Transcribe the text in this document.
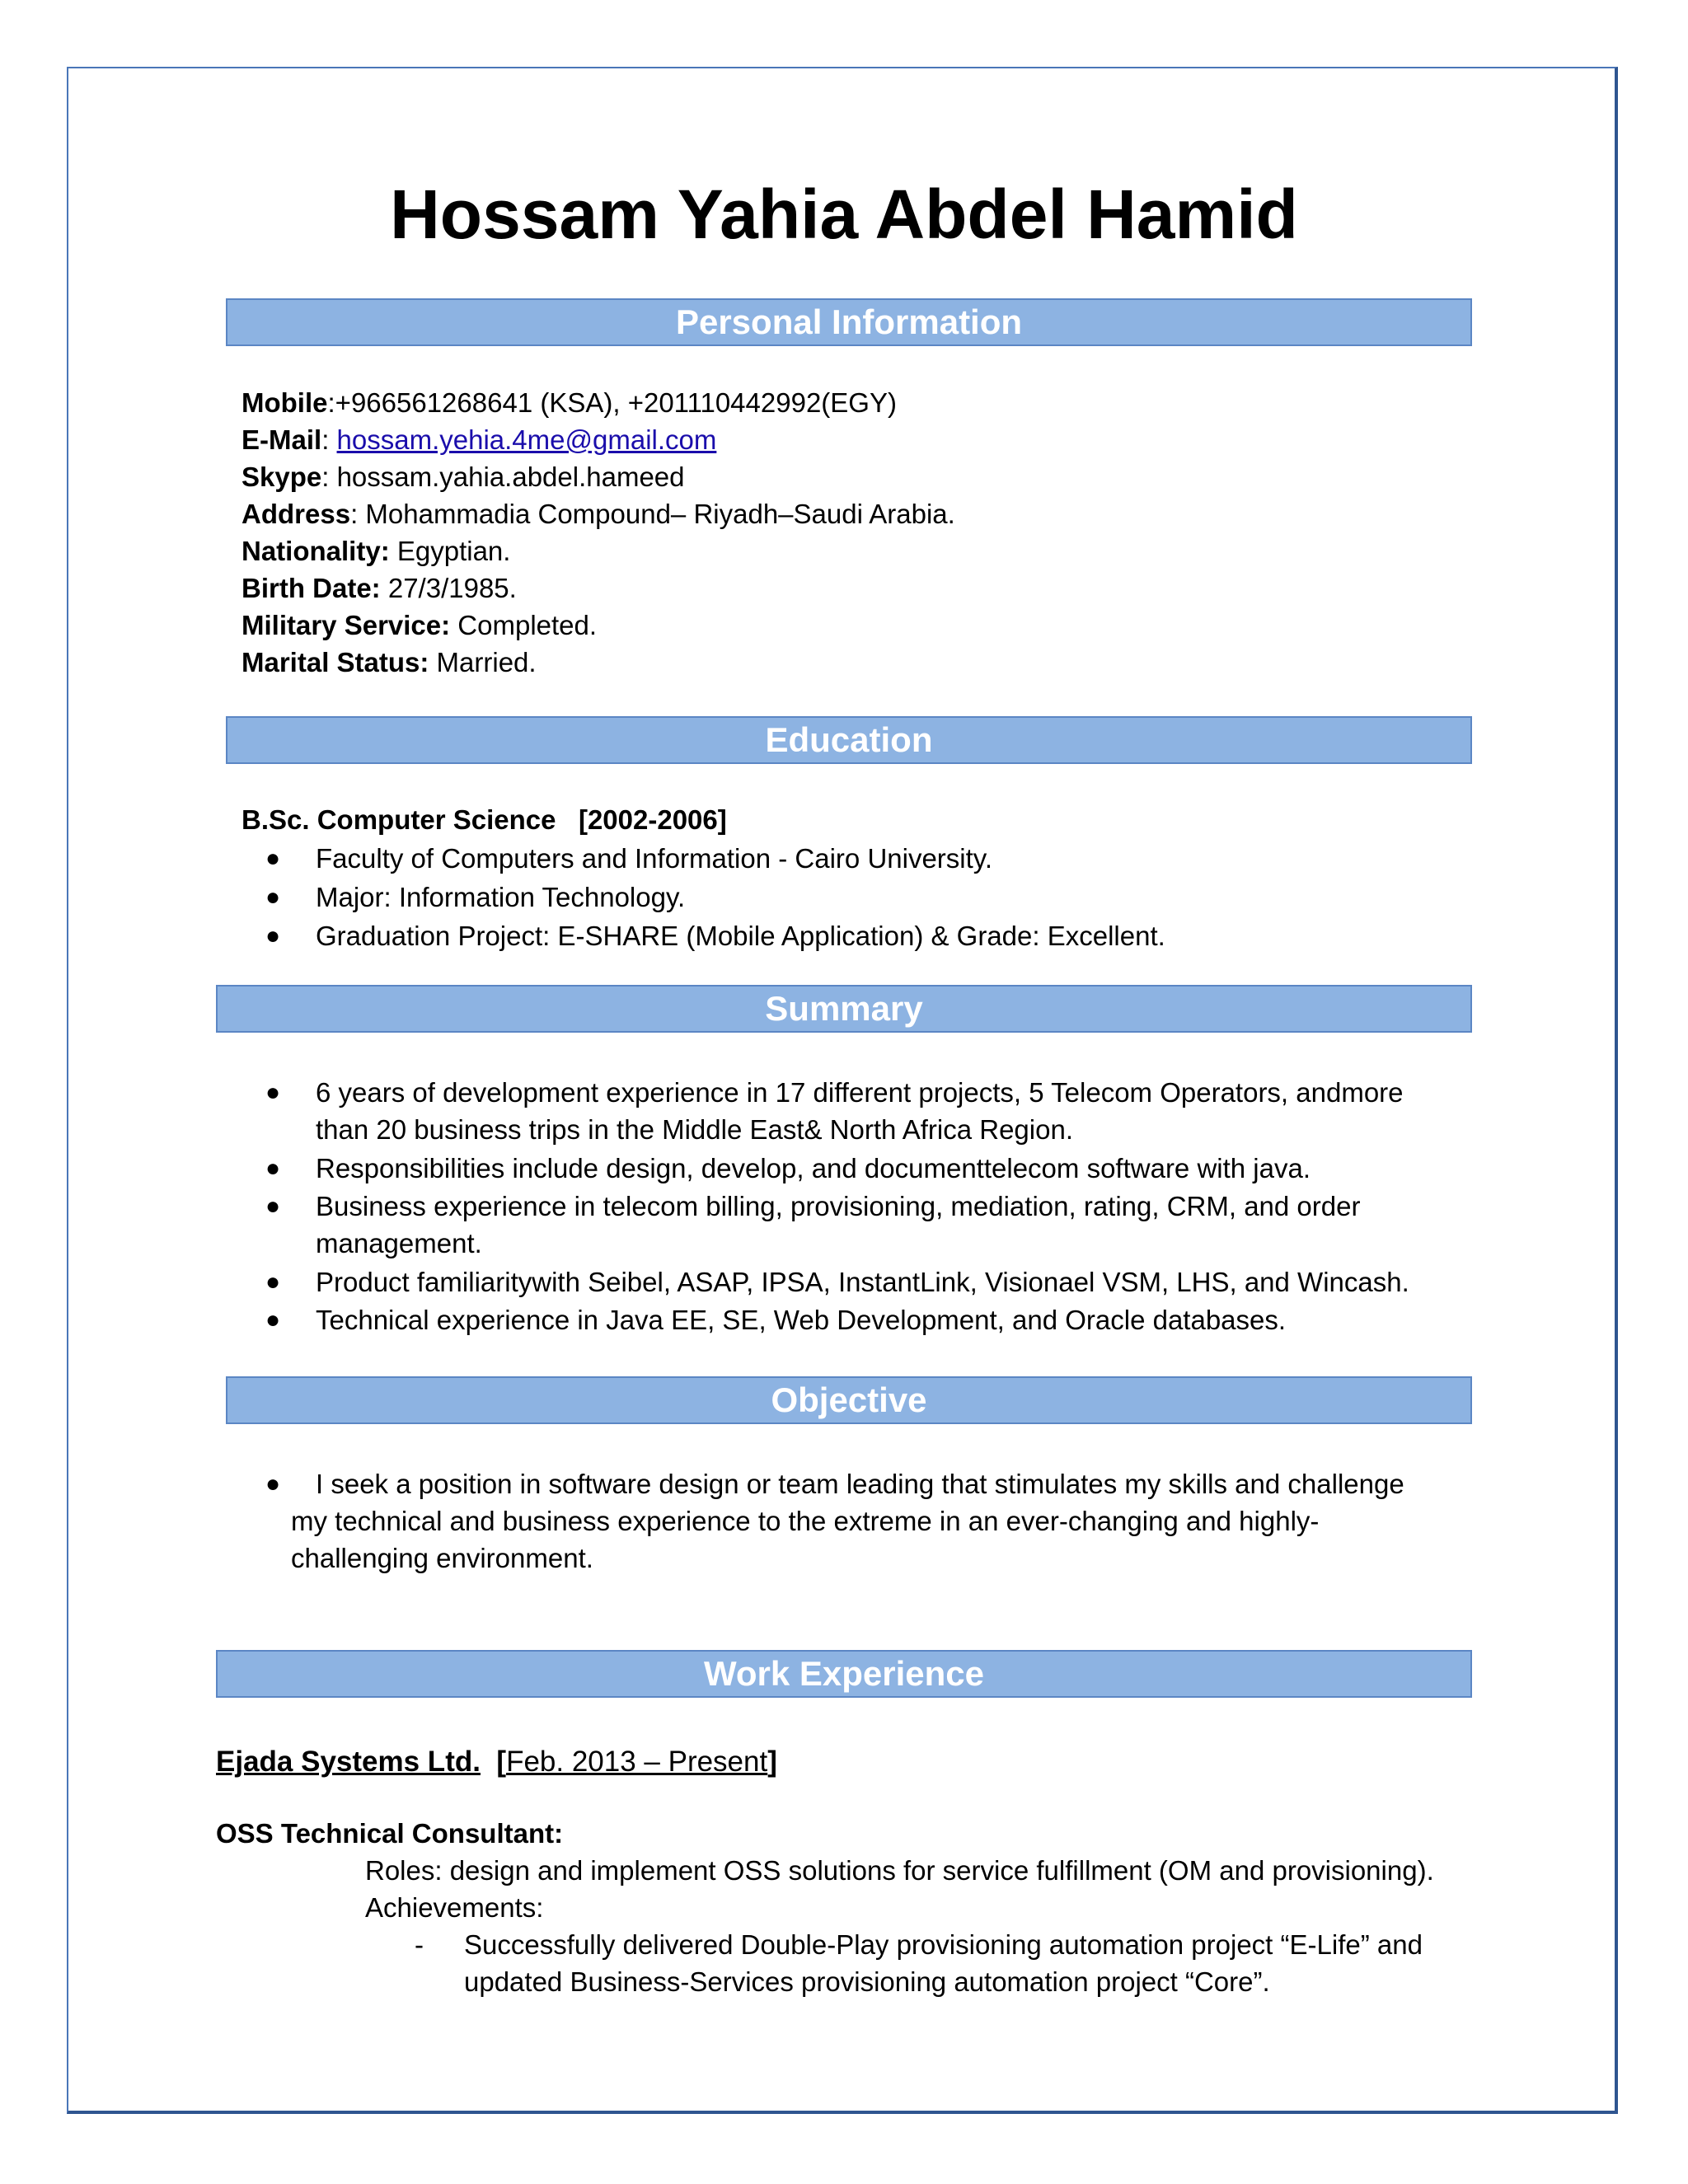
Hossam Yahia Abdel Hamid
Personal Information
Mobile:+966561268641 (KSA), +201110442992(EGY)
E-Mail: hossam.yehia.4me@gmail.com
Skype: hossam.yahia.abdel.hameed
Address: Mohammadia Compound– Riyadh–Saudi Arabia.
Nationality: Egyptian.
Birth Date: 27/3/1985.
Military Service: Completed.
Marital Status: Married.
Education
B.Sc. Computer Science   [2002-2006]
● Faculty of Computers and Information - Cairo University.
● Major: Information Technology.
● Graduation Project: E-SHARE (Mobile Application) & Grade: Excellent.
Summary
● 6 years of development experience in 17 different projects, 5 Telecom Operators, andmore
than 20 business trips in the Middle East& North Africa Region.
● Responsibilities include design, develop, and documenttelecom software with java.
● Business experience in telecom billing, provisioning, mediation, rating, CRM, and order
management.
● Product familiaritywith Seibel, ASAP, IPSA, InstantLink, Visionael VSM, LHS, and Wincash.
● Technical experience in Java EE, SE, Web Development, and Oracle databases.
Objective
● I seek a position in software design or team leading that stimulates my skills and challenge
my technical and business experience to the extreme in an ever-changing and highly-
challenging environment.
Work Experience
Ejada Systems Ltd. [Feb. 2013 – Present]
OSS Technical Consultant:
Roles: design and implement OSS solutions for service fulfillment (OM and provisioning).
Achievements:
- Successfully delivered Double-Play provisioning automation project “E-Life” and
updated Business-Services provisioning automation project “Core”.
